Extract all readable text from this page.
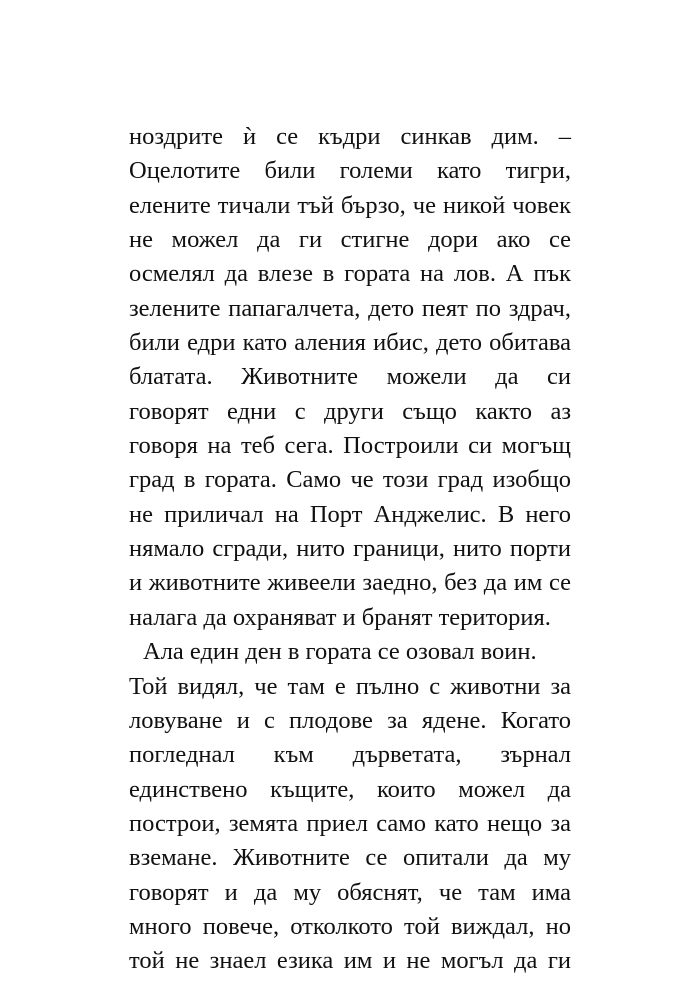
ноздрите ѝ се къдри синкав дим. –
Оцелотите били големи като тигри,
елените тичали тъй бързо, че никой човек
не можел да ги стигне дори ако се
осмелял да влезе в гората на лов. А пък
зелените папагалчета, дето пеят по здрач,
били едри като аления ибис, дето обитава
блатата. Животните можели да си
говорят едни с други също както аз
говоря на теб сега. Построили си могъщ
град в гората. Само че този град изобщо
не приличал на Порт Анджелис. В него
нямало сгради, нито граници, нито порти
и животните живеели заедно, без да им се
налага да охраняват и бранят територия.
Ала един ден в гората се озовал воин.
Той видял, че там е пълно с животни за
ловуване и с плодове за ядене. Когато
погледнал към дърветата, зърнал
единствено къщите, които можел да
построи, земята приел само като нещо за
вземане. Животните се опитали да му
говорят и да му обяснят, че там има
много повече, отколкото той виждал, но
той не знаел езика им и не могъл да ги
